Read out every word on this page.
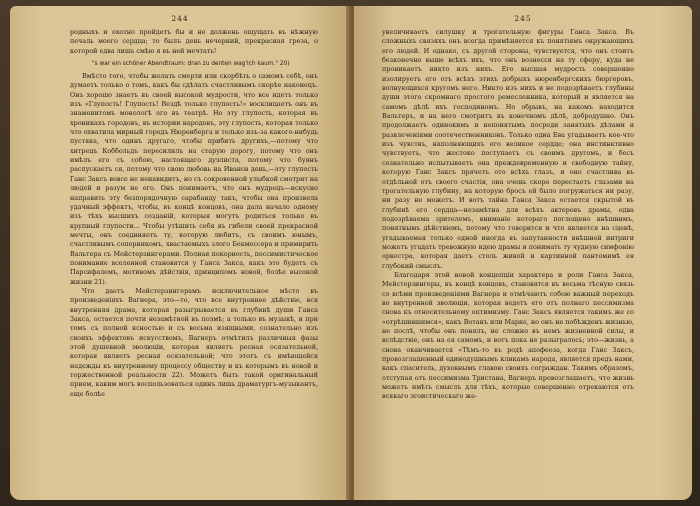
244

родныхъ и охотно пройдетъ бы и не должень ощущать въ нѣжную печаль моего сердца; то былъ день нечерний, прекрасная греза, о которой едва лишь смѣю я въ ней мечтать!

"s war ein schöner Abendtraum: dran zu denten wag'ich kaum." 20)

Вмѣсто того, чтобы желать смерти или скорбѣть о самомъ себѣ, онъ думаетъ только о томъ, какъ бы сдѣлать счастливымъ скорѣе наконецъ. Онъ хорошо знаетъ въ своей высокой мудрости, что все идетъ только изъ «Глупость! Глупость! Вездѣ только глупость!» восклицаетъ онъ въ знаменитомъ монологѣ его въ театрѣ. Но эту глупость, которая въ хроникахъ городовъ, въ истории народовъ, эту глупость, которая только что охватила мирный городъ Нюренберга и только изъ-за какого-нибудь пустяка, что одинъ другаго, чтобы прибить другихъ,—потому что хитрецъ Коббольдъ пересилилъ на старую дорогу, потому что онъ имѣлъ его съ собою, настоящаго дуэлиста, потому что буянъ распускаетъ ся, потому что свою любовь на Иванов день,—эту глупость Ганс Заксъ вовсе не ненавидитъ, но съ сокровенной улыбкой смотрит на людей и разум не его. Онъ понимаетъ, что онъ мудрецъ—искусно направить эту безпорядочную сарабанду такъ, чтобы она произвела удачный эффектъ, чтобы, въ концѣ концовъ, она дала начало одному изъ тѣхъ высшихъ созданій, которыя могутъ родиться только въ крупный глупости... Чтобы утѣшить себя въ гибели своей прекрасной мечты, онъ соединяетъ ту, которую любитъ, съ своимъ юнымъ, счастливымъ соперникомъ, хвастаемыхъ злого Бекмессера и примирить Вальтера съ Мейстерзингерами. Полная покорность, пессимистическое понимание вселенной становятся у Ганса Закса, какъ это будетъ съ Парсифалемъ, мотивомъ дѣйствія, принципомъ новой, болѣе высокой жизни 21).

Что даетъ Мейстерзингерамъ исключительное мѣсто въ произведеніяхъ Вагнера, это—то, что все внутреннее дѣйствіе, вся внутренняя драма, которая разыгрывается въ глубинѣ души Ганса Закса, остается почти незамѣтной въ поэмѣ; а только въ музыкѣ, и при томъ съ полной ясностью и съ весьма изящными, сознательно изъ своихъ эффектовъ искусствомъ, Вагнеръ отмѣтилъ различныя фазы этой душевной эволюціи, которая являетъ ресная осязательной, которая являетъ ресная осязательной; что этотъ съ имѣющейся надежды къ внутреннему процессу обществу и къ которымъ въ новой и торжественной реальности 22). Можетъ быть такой оригинальный прием, каким могъ воспользоваться одинъ лишь драматургъ-музыкантъ, еще болѣе

245

увеличиваетъ силушку и трогательную фигуры Ганса Закса. Въ сложныхъ связяхъ онъ всегда примѣняется къ понятіямъ окружающихъ его людей. И однако, съ другой стороны, чувствуется, что онъ стоитъ безконечно выше всѣхъ ихъ, что онъ вознесся на ту сферу, куда не проникаетъ никто изъ нихъ. Его высшая мудрость совершенно изолируетъ его отъ всѣхъ этихъ добрыхъ нюренбергскихъ бюргеровъ, волнующихся кругомъ него. Никто изъ нихъ и не подозрѣваетъ глубины души этого скромнаго простого ремесленника, который и является на самомъ дѣлѣ ихъ господиномъ. Но обрывъ, на какомъ находится Вальтеръ, и на него смотритъ въ конечномъ дѣлѣ, добродушно. Онъ продолжаетъ одинокимъ и непонятымъ посреди занятыхъ дѣлами и развлеченіями соотечественниковъ. Только одна Ева угадываетъ кое-что изъ чувствъ, наполняющихъ его великое сердце; она инстинктивно чувствуетъ, что жестоко поступаетъ съ своимъ другомъ, и бесъ сознательно испытываетъ она преждевременную и свободную тайну, которую Ганс Заксъ прячетъ ото всѣхъ глазъ, и оно счастлива въ отдѣльной отъ своего счастія, она очень скоро перестаетъ глазами на трогательную глубину, на которую бросъ ей было погружаться ни разу, ни разу не можетъ. И вотъ тайна Ганса Закса остается скрытой въ глубинѣ его сердца—незамѣтна для всѣхъ актеровъ драмы, едва подозрѣваема зрителемъ, вниманіе котораго поглощено внѣшнимъ, понятнымъ дѣйствіемъ, потому что говорится и что является на сценѣ, угадываемая только одной иногда въ запутанности внѣшней интриги можетъ угадать тревожную идею драмы и понимать ту чудную симфонію оркестра, которая даетъ столь живой и картинной пантомимѣ ея глубокий смыслъ.

Благодаря этой новой концепціи характера и роли Ганса Закса, Мейстерзингеры, въ концѣ концовъ, становятся въ весьма тѣсную связь со всѣми произведеніями Вагнера и отмѣчаютъ собою важный переходъ во внутренней эволюціи, которая ведетъ его отъ полнаго пессимизма снова къ относительному оптимизму. Ганс Заксъ является такимъ же со «отрѣшившимся», какъ Вотанъ или Марке, но онъ не побѣжденъ жизнью, не послѣ, чтобы онъ понялъ, не сложно въ немъ жизненной силы, и вслѣдствіе, онъ на ея самомъ, и вотъ пока не разыгралось; это—жизнь, а снова оканчивается «Тѣмъ-то въ родѣ апофеоза, когда Ганс Заксъ, провозглашенный единодушнымъ кликамъ народа, является предъ нами, какъ спаситель, духовнымъ главою своихъ сограждан. Такимъ образомъ, отступая отъ пессимизма Тристана, Вагнеръ провозглашаетъ, что жизнь можетъ имѣть смыслъ для тѣхъ, которые совершенно отрекаются отъ всякаго эгоистическаго же-
